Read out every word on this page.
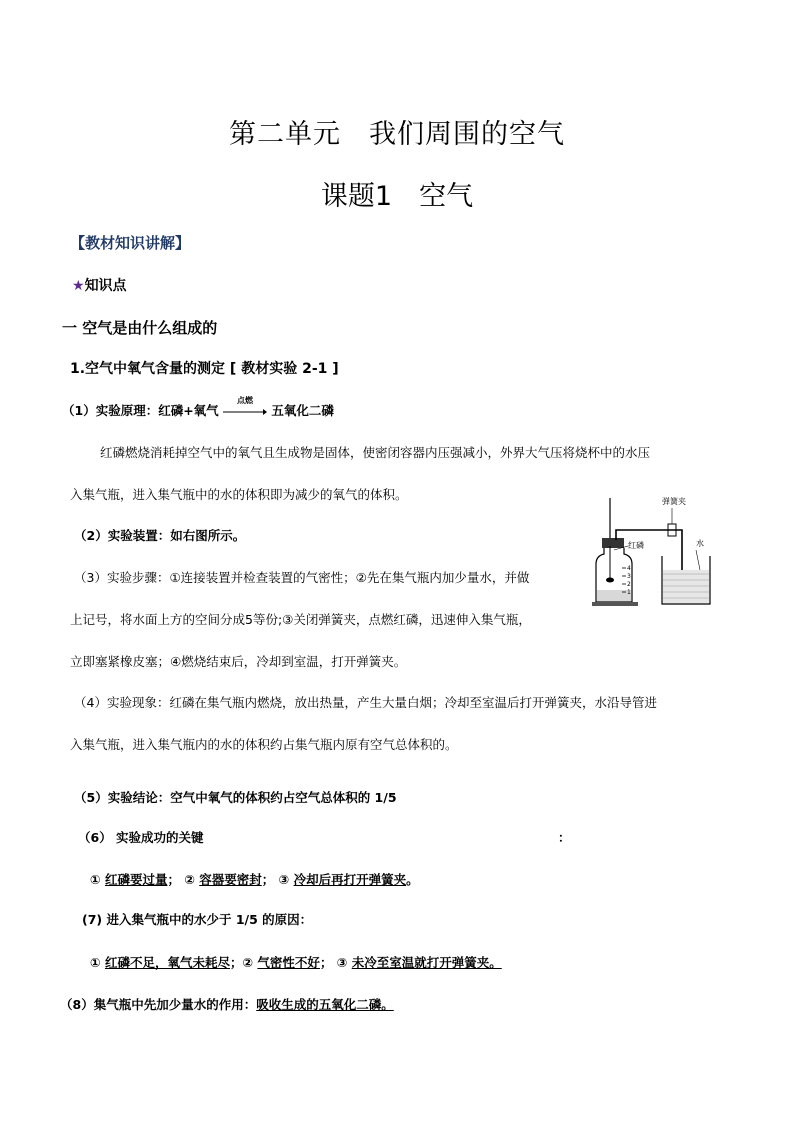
第二单元　我们周围的空气
课题1　空气
【教材知识讲解】
★知识点
一 空气是由什么组成的
1.空气中氧气含量的测定 [ 教材实验 2-1 ]
（1）实验原理：红磷+氧气
点燃
五氧化二磷
红磷燃烧消耗掉空气中的氧气且生成物是固体，使密闭容器内压强减小，外界大气压将烧杯中的水压
入集气瓶，进入集气瓶中的水的体积即为减少的氧气的体积。
（2）实验装置：如右图所示。
（3）实验步骤：①连接装置并检查装置的气密性；②先在集气瓶内加少量水，并做
上记号，将水面上方的空间分成5等份;③关闭弹簧夹，点燃红磷，迅速伸入集气瓶，
立即塞紧橡皮塞；④燃烧结束后，冷却到室温，打开弹簧夹。
（4）实验现象：红磷在集气瓶内燃烧，放出热量，产生大量白烟；冷却至室温后打开弹簧夹，水沿导管进
入集气瓶，进入集气瓶内的水的体积约占集气瓶内原有空气总体积的。
（5）实验结论：空气中氧气的体积约占空气总体积的 1/5
（6） 实验成功的关键	：
① 红磷要过量； ② 容器要密封； ③ 冷却后再打开弹簧夹。
(7) 进入集气瓶中的水少于 1/5 的原因：
① 红磷不足，氧气未耗尽；② 气密性不好； ③ 未冷至室温就打开弹簧夹。
（8）集气瓶中先加少量水的作用：吸收生成的五氧化二磷。
4
3
2
1
弹簧夹
红磷	水
